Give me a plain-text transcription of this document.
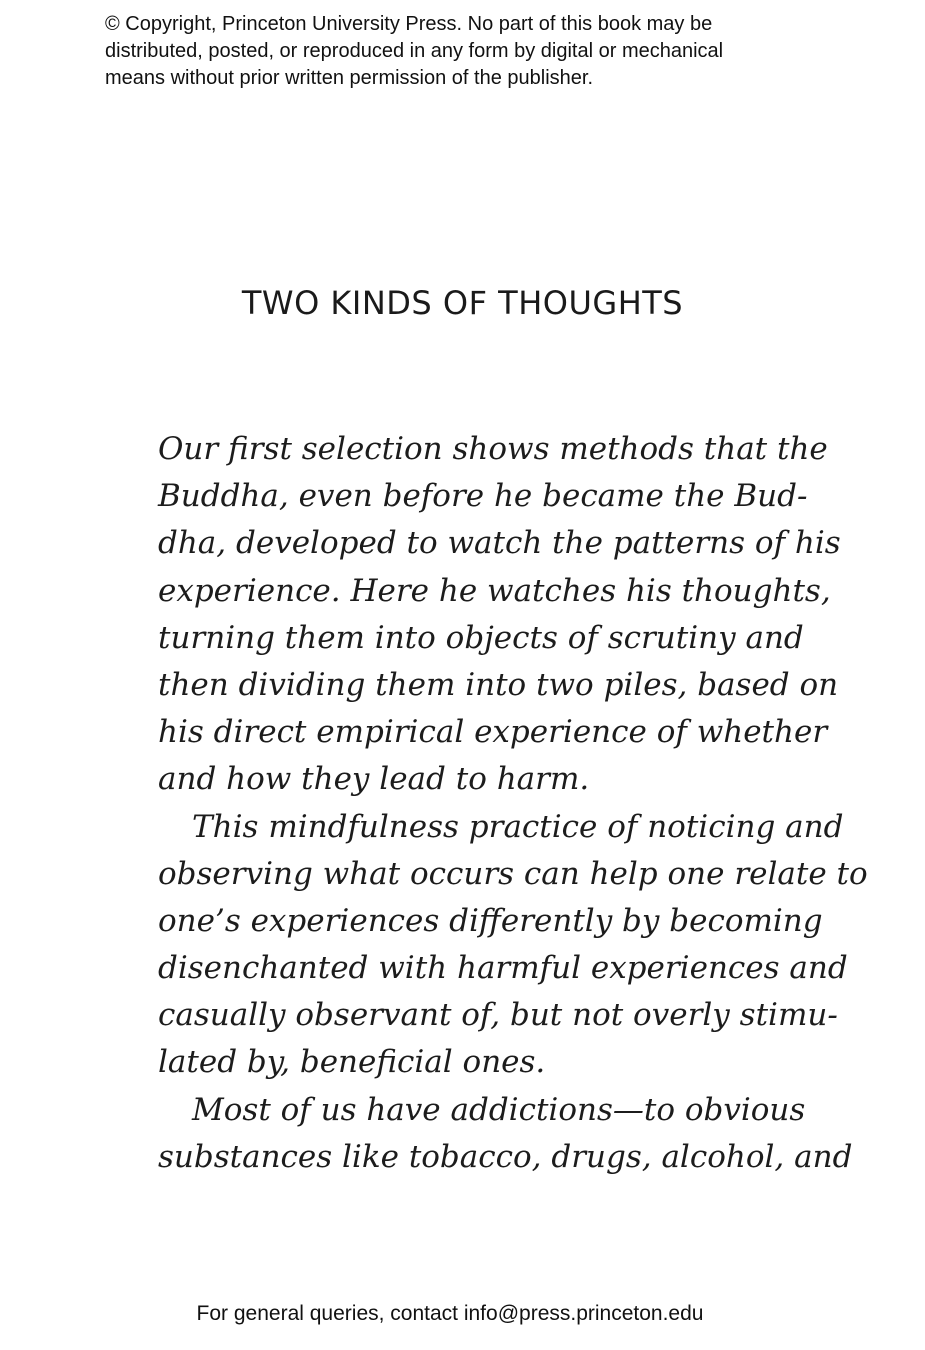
© Copyright, Princeton University Press. No part of this book may be
distributed, posted, or reproduced in any form by digital or mechanical
means without prior written permission of the publisher.
TWO KINDS OF THOUGHTS
Our first selection shows methods that the
Buddha, even before he became the Bud-
dha, developed to watch the patterns of his
experience. Here he watches his thoughts,
turning them into objects of scrutiny and
then dividing them into two piles, based on
his direct empirical experience of whether
and how they lead to harm.
This mindfulness practice of noticing and
observing what occurs can help one relate to
one’s experiences differently by becoming
disenchanted with harmful experiences and
casually observant of, but not overly stimu-
lated by, beneficial ones.
Most of us have addictions—to obvious
substances like tobacco, drugs, alcohol, and
For general queries, contact info@press.princeton.edu
